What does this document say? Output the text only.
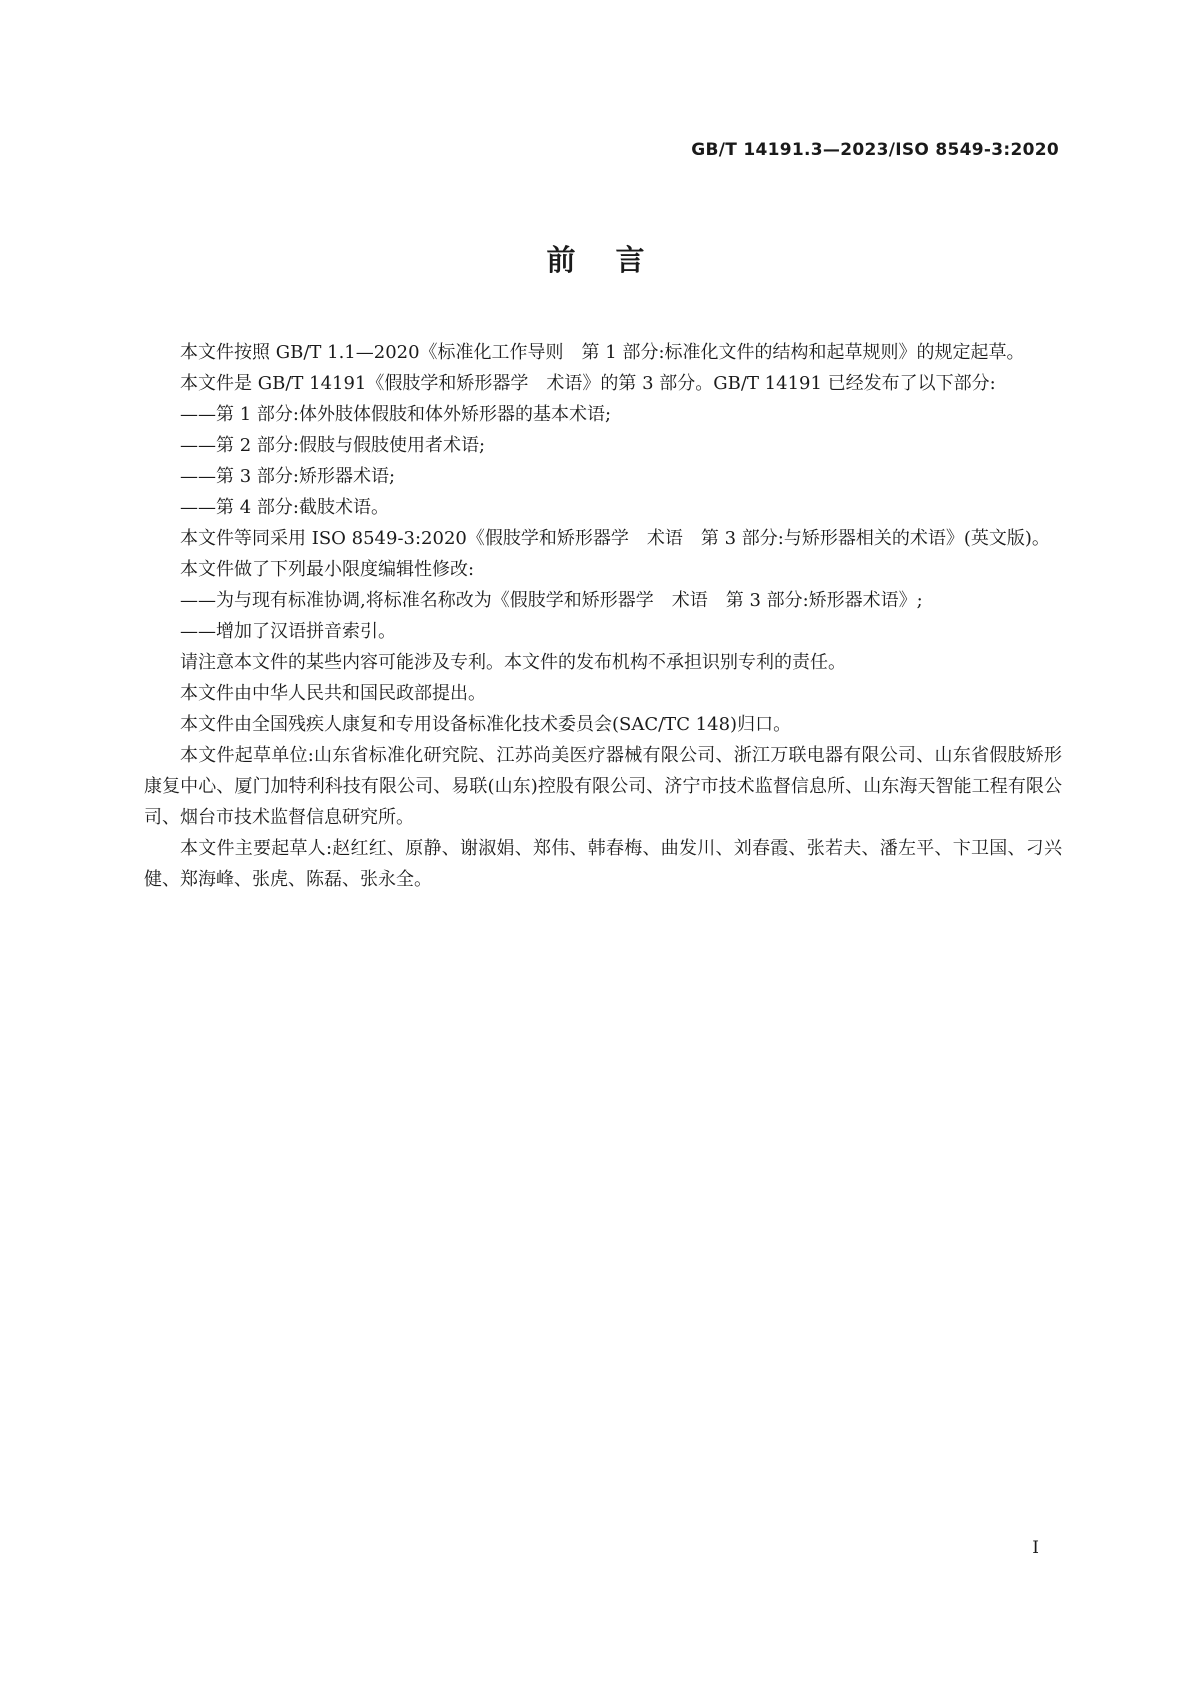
GB/T 14191.3—2023/ISO 8549-3:2020
前言

本文件按照 GB/T 1.1—2020《标准化工作导则　第 1 部分:标准化文件的结构和起草规则》的规定起草。

本文件是 GB/T 14191《假肢学和矫形器学　术语》的第 3 部分。GB/T 14191 已经发布了以下部分:

——第 1 部分:体外肢体假肢和体外矫形器的基本术语;

——第 2 部分:假肢与假肢使用者术语;

——第 3 部分:矫形器术语;

——第 4 部分:截肢术语。

本文件等同采用 ISO 8549-3:2020《假肢学和矫形器学　术语　第 3 部分:与矫形器相关的术语》(英文版)。

本文件做了下列最小限度编辑性修改:

——为与现有标准协调,将标准名称改为《假肢学和矫形器学　术语　第 3 部分:矫形器术语》;

——增加了汉语拼音索引。

请注意本文件的某些内容可能涉及专利。本文件的发布机构不承担识别专利的责任。

本文件由中华人民共和国民政部提出。

本文件由全国残疾人康复和专用设备标准化技术委员会(SAC/TC 148)归口。

本文件起草单位:山东省标准化研究院、江苏尚美医疗器械有限公司、浙江万联电器有限公司、山东省假肢矫形康复中心、厦门加特利科技有限公司、易联(山东)控股有限公司、济宁市技术监督信息所、山东海天智能工程有限公司、烟台市技术监督信息研究所。

本文件主要起草人:赵红红、原静、谢淑娟、郑伟、韩春梅、曲发川、刘春霞、张若夫、潘左平、卞卫国、刁兴健、郑海峰、张虎、陈磊、张永全。

I
